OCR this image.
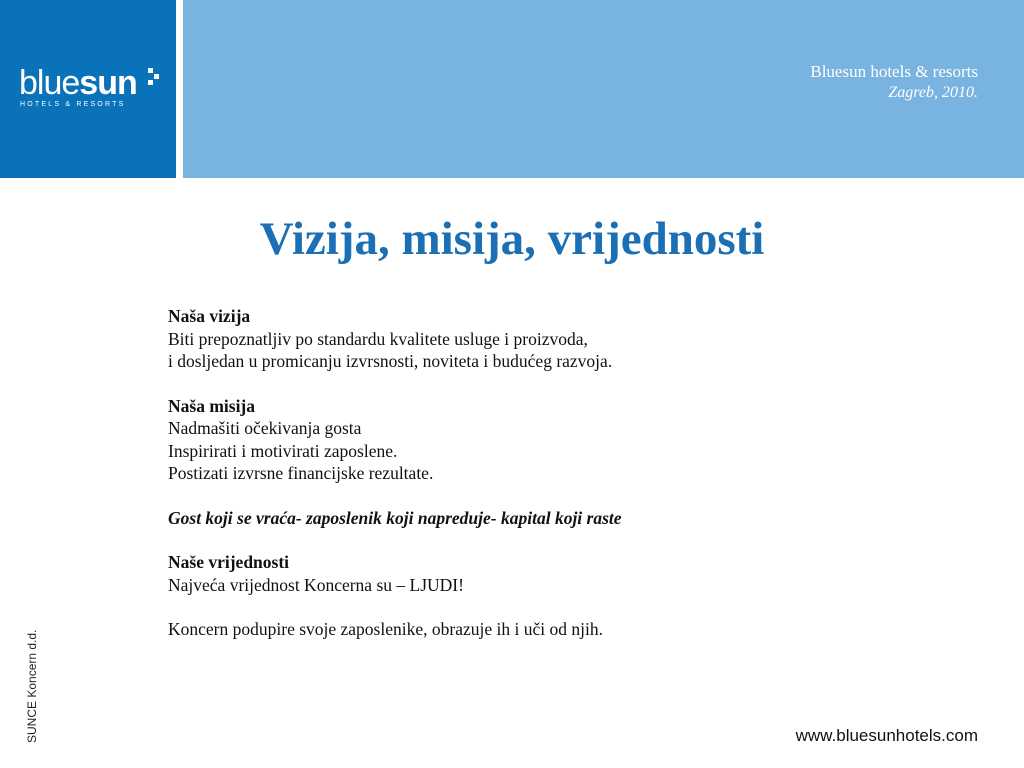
bluesun
HOTELS & RESORTS
Bluesun hotels & resorts
Zagreb, 2010.
SUNCE Koncern d.d.
Vizija, misija, vrijednosti

Naša vizija

Biti prepoznatljiv po standardu kvalitete usluge i proizvoda,

i dosljedan u promicanju izvrsnosti, noviteta i budućeg razvoja.

Naša misija

Nadmašiti očekivanja gosta

Inspirirati i motivirati zaposlene.

Postizati izvrsne financijske rezultate.

Gost koji se vraća- zaposlenik koji napreduje- kapital koji raste

Naše vrijednosti

Najveća vrijednost Koncerna su – LJUDI!

Koncern podupire svoje zaposlenike, obrazuje ih i uči od njih.

www.bluesunhotels.com
